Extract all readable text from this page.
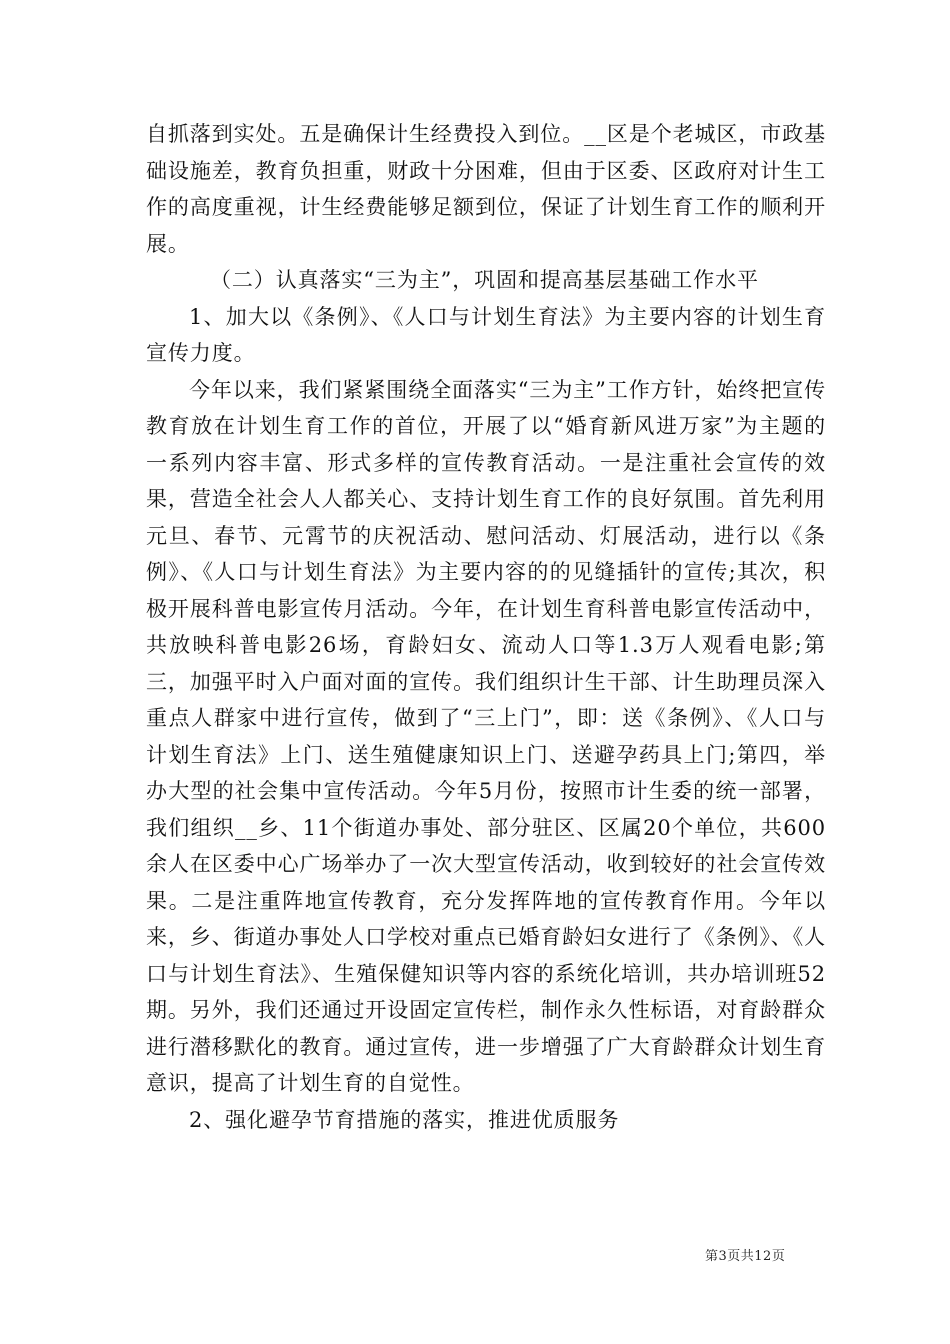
自抓落到实处。五是确保计生经费投入到位。__区是个老城区，市政基础设施差，教育负担重，财政十分困难，但由于区委、区政府对计生工作的高度重视，计生经费能够足额到位，保证了计划生育工作的顺利开展。

（二）认真落实“三为主”，巩固和提高基层基础工作水平

1、加大以《条例》、《人口与计划生育法》为主要内容的计划生育宣传力度。

今年以来，我们紧紧围绕全面落实“三为主”工作方针，始终把宣传教育放在计划生育工作的首位，开展了以“婚育新风进万家”为主题的一系列内容丰富、形式多样的宣传教育活动。一是注重社会宣传的效果，营造全社会人人都关心、支持计划生育工作的良好氛围。首先利用元旦、春节、元霄节的庆祝活动、慰问活动、灯展活动，进行以《条例》、《人口与计划生育法》为主要内容的的见缝插针的宣传;其次，积极开展科普电影宣传月活动。今年，在计划生育科普电影宣传活动中，共放映科普电影26场，育龄妇女、流动人口等1.3万人观看电影;第三，加强平时入户面对面的宣传。我们组织计生干部、计生助理员深入重点人群家中进行宣传，做到了“三上门”，即：送《条例》、《人口与计划生育法》上门、送生殖健康知识上门、送避孕药具上门;第四，举办大型的社会集中宣传活动。今年5月份，按照市计生委的统一部署，我们组织__乡、11个街道办事处、部分驻区、区属20个单位，共600余人在区委中心广场举办了一次大型宣传活动，收到较好的社会宣传效果。二是注重阵地宣传教育，充分发挥阵地的宣传教育作用。今年以来，乡、街道办事处人口学校对重点已婚育龄妇女进行了《条例》、《人口与计划生育法》、生殖保健知识等内容的系统化培训，共办培训班52期。另外，我们还通过开设固定宣传栏，制作永久性标语，对育龄群众进行潜移默化的教育。通过宣传，进一步增强了广大育龄群众计划生育意识，提高了计划生育的自觉性。

2、强化避孕节育措施的落实，推进优质服务

第3页共12页
